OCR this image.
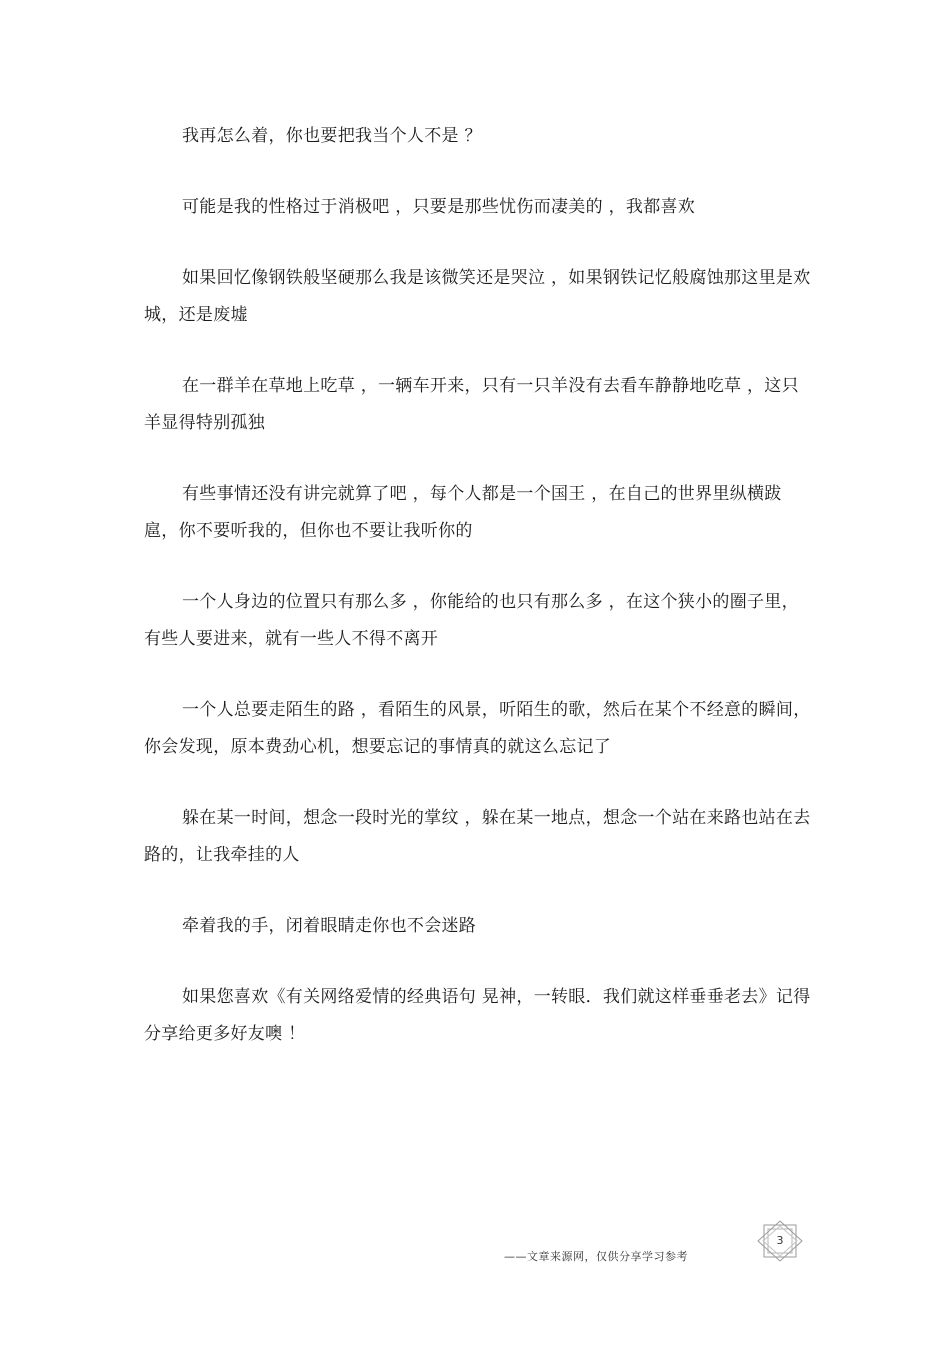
我再怎么着，你也要把我当个人不是 ？

可能是我的性格过于消极吧 ，只要是那些忧伤而凄美的 ，我都喜欢

如果回忆像钢铁般坚硬那么我是该微笑还是哭泣 ，如果钢铁记忆般腐蚀那这里是欢城，还是废墟

在一群羊在草地上吃草 ，一辆车开来，只有一只羊没有去看车静静地吃草 ，这只羊显得特别孤独

有些事情还没有讲完就算了吧 ，每个人都是一个国王 ，在自己的世界里纵横跋扈，你不要听我的，但你也不要让我听你的

一个人身边的位置只有那么多 ，你能给的也只有那么多 ，在这个狭小的圈子里，有些人要进来，就有一些人不得不离开

一个人总要走陌生的路 ，看陌生的风景，听陌生的歌，然后在某个不经意的瞬间，你会发现，原本费劲心机，想要忘记的事情真的就这么忘记了

躲在某一时间，想念一段时光的掌纹 ，躲在某一地点，想念一个站在来路也站在去路的，让我牵挂的人

牵着我的手，闭着眼睛走你也不会迷路

如果您喜欢《有关网络爱情的经典语句 晃神，一转眼．我们就这样垂垂老去》记得分享给更多好友噢 ！

——文章来源网，仅供分享学习参考
3
